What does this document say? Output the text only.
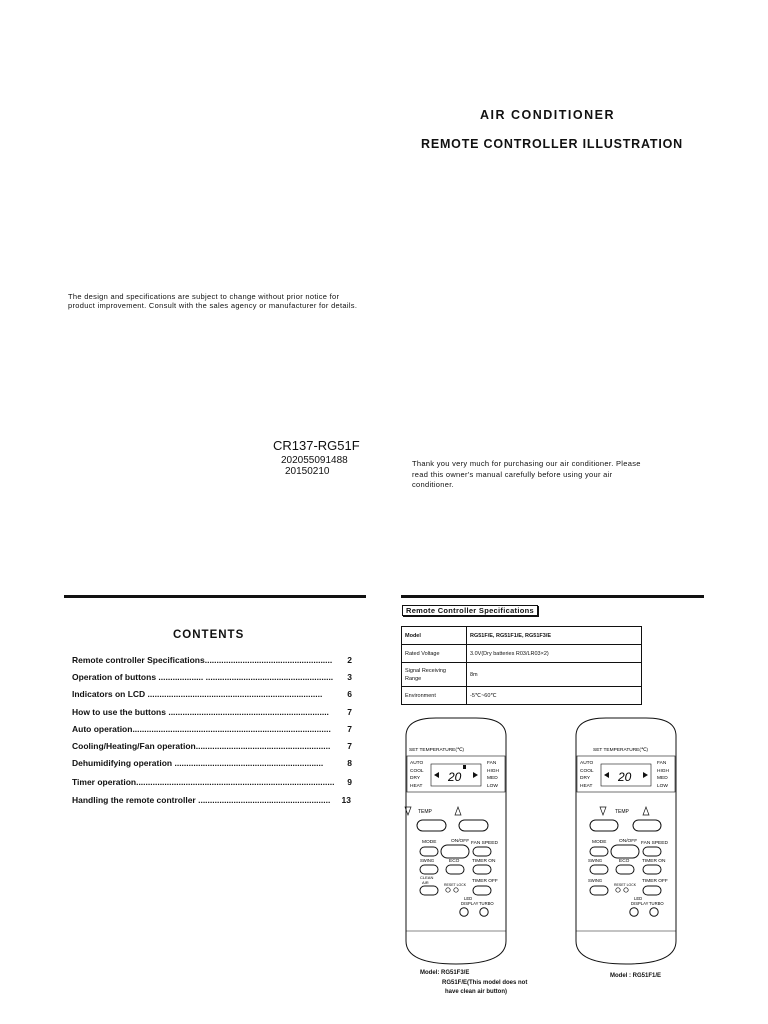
AIR CONDITIONER
REMOTE CONTROLLER ILLUSTRATION
The design and specifications are subject to change without prior notice for product improvement. Consult with the sales agency or manufacturer for details.
CR137-RG51F
202055091488
20150210
Thank you very much for purchasing our air conditioner. Please read this owner's manual carefully before using your air conditioner.
CONTENTS
Remote controller Specifications...................................................... 2
Operation of buttons ................... ...................................................... 3
Indicators on LCD ..........................................................................	6
How to use the buttons .................................................................... 7
Auto operation.................................................................................... 7
Cooling/Heating/Fan operation......................................................... 7
Dehumidifying operation ...............................................................	8
Timer operation.................................................................................... 9
Handling the remote controller ........................................................ 13
Remote Controller Specifications
Model	RG51F/E, RG51F1/E, RG51F3/E
Rated Voltage	3.0V(Dry batteries R03/LR03×2)
Signal Receiving Range	8m
Environment	-5℃~60℃
SET TEMPERATURE(℃)
AUTO
COOL
DRY
HEAT
20
FAN
HIGH
MED
LOW
TEMP
MODE	ON/OFF FAN SPEED
SWING	ECO	TIMER ON
CLEAN
AIR	RESET LOCK
TIMER OFF
LED
DISPLAY TURBO
SET TEMPERATURE(℃)
AUTO
COOL
DRY
HEAT
20
FAN
HIGH
MED
LOW
TEMP
MODE	ON/OFF FAN SPEED
SWING	ECO	TIMER ON
SWING
RESET LOCK
TIMER OFF
LED
DISPLAY TURBO
Model: RG51F3/E
RG51F/E(This model does not
have clean air button)
Model : RG51F1/E
